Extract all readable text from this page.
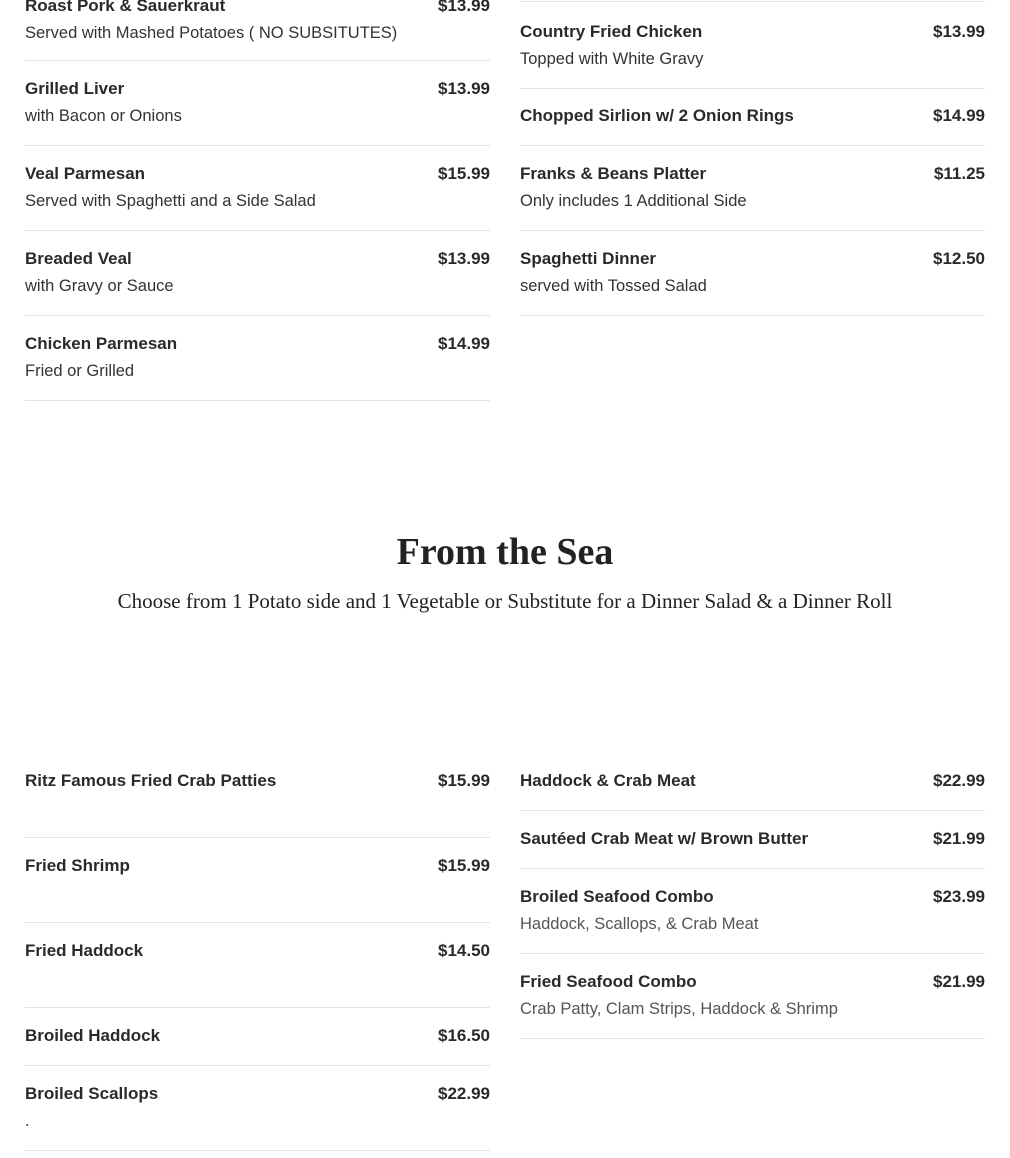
Roast Pork & Sauerkraut	$13.99
Served with Mashed Potatoes ( NO SUBSITUTES)
Grilled Liver	$13.99
with Bacon or Onions
Veal Parmesan	$15.99
Served with Spaghetti and a Side Salad
Breaded Veal	$13.99
with Gravy or Sauce
Chicken Parmesan	$14.99
Fried or Grilled
Country Fried Chicken	$13.99
Topped with White Gravy
Chopped Sirlion w/ 2 Onion Rings	$14.99
Franks & Beans Platter	$11.25
Only includes 1 Additional Side
Spaghetti Dinner	$12.50
served with Tossed Salad
From the Sea
Choose from 1 Potato side and 1 Vegetable or Substitute for a Dinner Salad & a Dinner Roll
Ritz Famous Fried Crab Patties	$15.99
Fried Shrimp	$15.99
Fried Haddock	$14.50
Broiled Haddock	$16.50
Broiled Scallops	$22.99
.
Haddock & Crab Meat	$22.99
Sautéed Crab Meat w/ Brown Butter	$21.99
Broiled Seafood Combo	$23.99
Haddock, Scallops, & Crab Meat
Fried Seafood Combo	$21.99
Crab Patty, Clam Strips, Haddock & Shrimp
